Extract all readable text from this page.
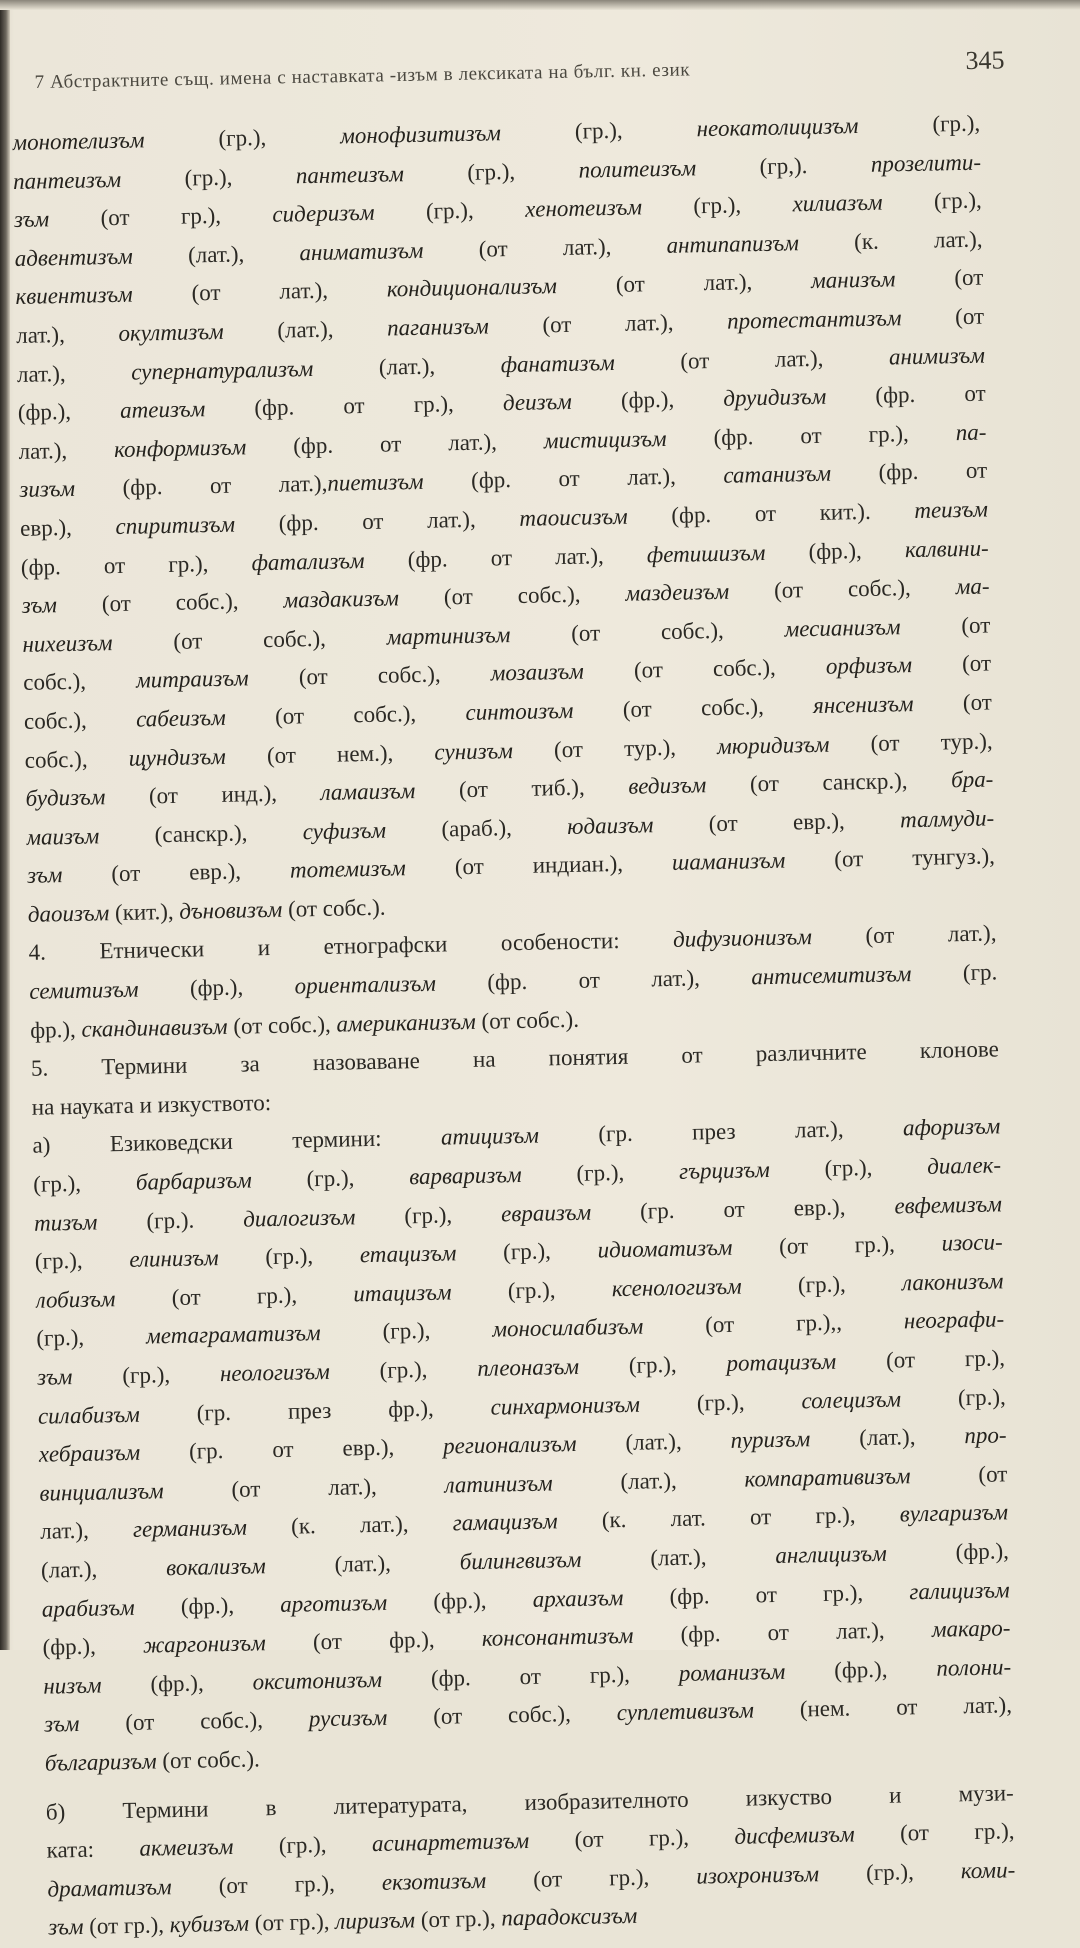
7 Абстрактните същ. имена с наставката -изъм в лексиката на бълг. кн. език	345
монотелизъм (гр.), монофизитизъм (гр.), неокатолицизъм (гр.),
пантеизъм (гр.), пантеизъм (гр.), политеизъм (гр,). прозелити-
зъм (от гр.), сидеризъм (гр.), хенотеизъм (гр.), хилиазъм (гр.),
адвентизъм (лат.), аниматизъм (от лат.), антипапизъм (к. лат.),
квиентизъм (от лат.), кондиционализъм (от лат.), манизъм (от
лат.), окултизъм (лат.), паганизъм (от лат.), протестантизъм (от
лат.), супернатурализъм (лат.), фанатизъм (от лат.), анимизъм
(фр.), атеизъм (фр. от гр.), деизъм (фр.), друидизъм (фр. от
лат.), конформизъм (фр. от лат.), мистицизъм (фр. от гр.), па-
зизъм (фр. от лат.),пиетизъм (фр. от лат.), сатанизъм (фр. от
евр.), спиритизъм (фр. от лат.), таоисизъм (фр. от кит.). теизъм
(фр. от гр.), фатализъм (фр. от лат.), фетишизъм (фр.), калвини-
зъм (от собс.), маздакизъм (от собс.), маздеизъм (от собс.), ма-
нихеизъм (от собс.), мартинизъм (от собс.), месианизъм (от
собс.), митраизъм (от собс.), мозаизъм (от собс.), орфизъм (от
собс.), сабеизъм (от собс.), синтоизъм (от собс.), янсенизъм (от
собс.), щундизъм (от нем.), сунизъм (от тур.), мюридизъм (от тур.),
будизъм (от инд.), ламаизъм (от тиб.), ведизъм (от санскр.), бра-
маизъм (санскр.), суфизъм (араб.), юдаизъм (от евр.), талмуди-
зъм (от евр.), тотемизъм (от индиан.), шаманизъм (от тунгуз.),
даоизъм (кит.), дъновизъм (от собс.).
4. Етнически и етнографски особености: дифузионизъм (от лат.),
семитизъм (фр.), ориентализъм (фр. от лат.), антисемитизъм (гр.
фр.), скандинавизъм (от собс.), американизъм (от собс.).
5. Термини за назоваване на понятия от различните клонове
на науката и изкуството:
а) Езиковедски термини: атицизъм (гр. през лат.), афоризъм
(гр.), барбаризъм (гр.), варваризъм (гр.), гърцизъм (гр.), диалек-
тизъм (гр.). диалогизъм (гр.), евраизъм (гр. от евр.), евфемизъм
(гр.), елинизъм (гр.), етацизъм (гр.), идиоматизъм (от гр.), изоси-
лобизъм (от гр.), итацизъм (гр.), ксенологизъм (гр.), лаконизъм
(гр.), метаграматизъм (гр.), моносилабизъм (от гр.),, неографи-
зъм (гр.), неологизъм (гр.), плеоназъм (гр.), ротацизъм (от гр.),
силабизъм (гр. през фр.), синхармонизъм (гр.), солецизъм (гр.),
хебраизъм (гр. от евр.), регионализъм (лат.), пуризъм (лат.), про-
винциализъм (от лат.), латинизъм (лат.), компаративизъм (от
лат.), германизъм (к. лат.), гамацизъм (к. лат. от гр.), вулгаризъм
(лат.), вокализъм (лат.), билингвизъм (лат.), англицизъм (фр.),
арабизъм (фр.), арготизъм (фр.), архаизъм (фр. от гр.), галицизъм
(фр.), жаргонизъм (от фр.), консонантизъм (фр. от лат.), макаро-
низъм (фр.), окситонизъм (фр. от гр.), романизъм (фр.), полони-
зъм (от собс.), русизъм (от собс.), суплетивизъм (нем. от лат.),
българизъм (от собс.).
б) Термини в литературата, изобразителното изкуство и музи-
ката: акмеизъм (гр.), асинартетизъм (от гр.), дисфемизъм (от гр.),
драматизъм (от гр.), екзотизъм (от гр.), изохронизъм (гр.), коми-
зъм (от гр.), кубизъм (от гр.), лиризъм (от гр.), парадоксизъм
